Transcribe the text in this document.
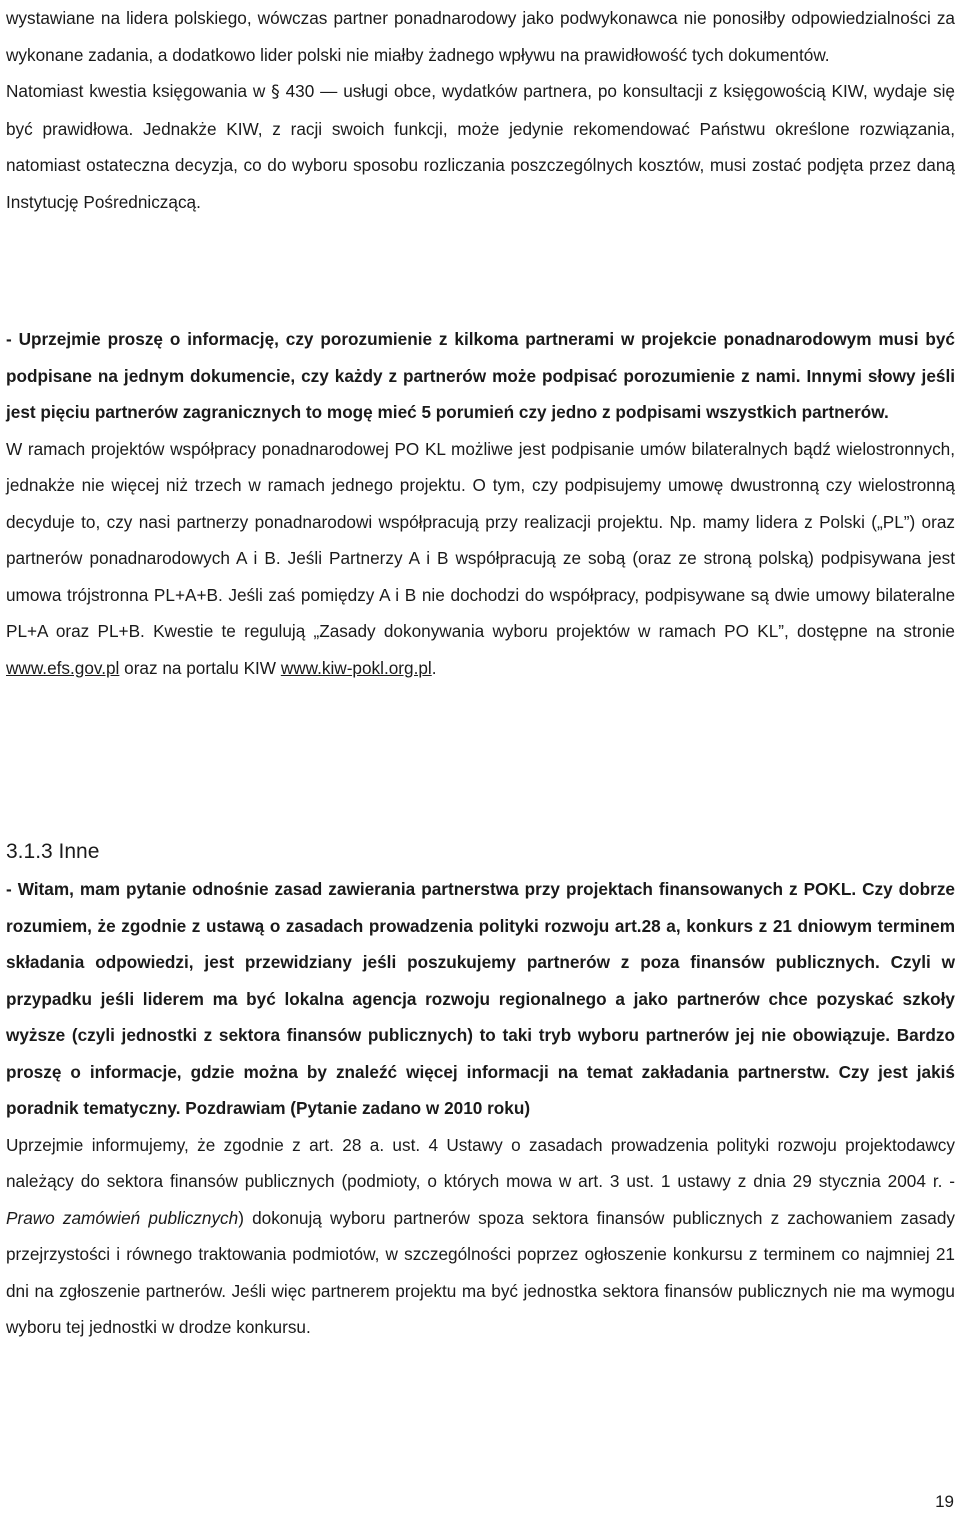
wystawiane na lidera polskiego, wówczas partner ponadnarodowy jako podwykonawca nie ponosiłby odpowiedzialności za wykonane zadania, a dodatkowo lider polski nie miałby żadnego wpływu na prawidłowość tych dokumentów.

Natomiast kwestia księgowania w § 430 — usługi obce, wydatków partnera, po konsultacji z księgowością KIW, wydaje się być prawidłowa. Jednakże KIW, z racji swoich funkcji, może jedynie rekomendować Państwu określone rozwiązania, natomiast ostateczna decyzja, co do wyboru sposobu rozliczania poszczególnych kosztów, musi zostać podjęta przez daną Instytucję Pośredniczącą.

- Uprzejmie proszę o informację, czy porozumienie z kilkoma partnerami w projekcie ponadnarodowym musi być podpisane na jednym dokumencie, czy każdy z partnerów może podpisać porozumienie z nami. Innymi słowy jeśli jest pięciu partnerów zagranicznych to mogę mieć 5 porumień czy jedno z podpisami wszystkich partnerów.

W ramach projektów współpracy ponadnarodowej PO KL możliwe jest podpisanie umów bilateralnych bądź wielostronnych, jednakże nie więcej niż trzech w ramach jednego projektu. O tym, czy podpisujemy umowę dwustronną czy wielostronną decyduje to, czy nasi partnerzy ponadnarodowi współpracują przy realizacji projektu. Np. mamy lidera z Polski („PL”) oraz partnerów ponadnarodowych A i B. Jeśli Partnerzy A i B współpracują ze sobą (oraz ze stroną polską) podpisywana jest umowa trójstronna PL+A+B. Jeśli zaś pomiędzy A i B nie dochodzi do współpracy, podpisywane są dwie umowy bilateralne PL+A oraz PL+B. Kwestie te regulują „Zasady dokonywania wyboru projektów w ramach PO KL”, dostępne na stronie www.efs.gov.pl oraz na portalu KIW www.kiw-pokl.org.pl.

3.1.3 Inne

- Witam, mam pytanie odnośnie zasad zawierania partnerstwa przy projektach finansowanych z POKL. Czy dobrze rozumiem, że zgodnie z ustawą o zasadach prowadzenia polityki rozwoju art.28 a, konkurs z 21 dniowym terminem składania odpowiedzi, jest przewidziany jeśli poszukujemy partnerów z poza finansów publicznych. Czyli w przypadku jeśli liderem ma być lokalna agencja rozwoju regionalnego a jako partnerów chce pozyskać szkoły wyższe (czyli jednostki z sektora finansów publicznych) to taki tryb wyboru partnerów jej nie obowiązuje. Bardzo proszę o informacje, gdzie można by znaleźć więcej informacji na temat zakładania partnerstw. Czy jest jakiś poradnik tematyczny. Pozdrawiam (Pytanie zadano w 2010 roku)

Uprzejmie informujemy, że zgodnie z art. 28 a. ust. 4 Ustawy o zasadach prowadzenia polityki rozwoju projektodawcy należący do sektora finansów publicznych (podmioty, o których mowa w art. 3 ust. 1 ustawy z dnia 29 stycznia 2004 r. - Prawo zamówień publicznych) dokonują wyboru partnerów spoza sektora finansów publicznych z zachowaniem zasady przejrzystości i równego traktowania podmiotów, w szczególności poprzez ogłoszenie konkursu z terminem co najmniej 21 dni na zgłoszenie partnerów. Jeśli więc partnerem projektu ma być jednostka sektora finansów publicznych nie ma wymogu wyboru tej jednostki w drodze konkursu.

19
